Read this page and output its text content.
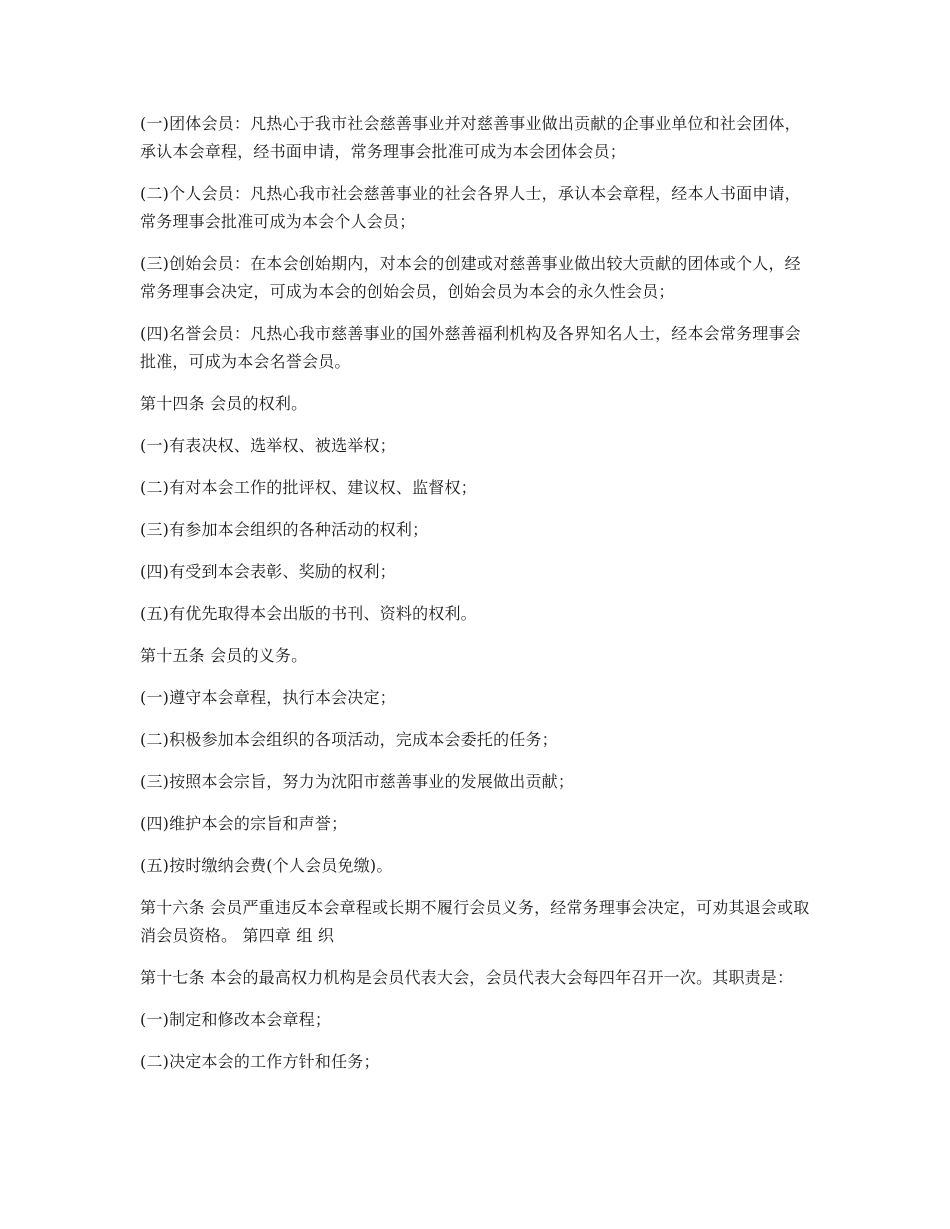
(一)团体会员：凡热心于我市社会慈善事业并对慈善事业做出贡献的企事业单位和社会团体，承认本会章程，经书面申请，常务理事会批准可成为本会团体会员；

(二)个人会员：凡热心我市社会慈善事业的社会各界人士，承认本会章程，经本人书面申请，常务理事会批准可成为本会个人会员；

(三)创始会员：在本会创始期内，对本会的创建或对慈善事业做出较大贡献的团体或个人，经常务理事会决定，可成为本会的创始会员，创始会员为本会的永久性会员；

(四)名誉会员：凡热心我市慈善事业的国外慈善福利机构及各界知名人士，经本会常务理事会批准，可成为本会名誉会员。

第十四条 会员的权利。

(一)有表决权、选举权、被选举权；

(二)有对本会工作的批评权、建议权、监督权；

(三)有参加本会组织的各种活动的权利；

(四)有受到本会表彰、奖励的权利；

(五)有优先取得本会出版的书刊、资料的权利。

第十五条 会员的义务。

(一)遵守本会章程，执行本会决定；

(二)积极参加本会组织的各项活动，完成本会委托的任务；

(三)按照本会宗旨，努力为沈阳市慈善事业的发展做出贡献；

(四)维护本会的宗旨和声誉；

(五)按时缴纳会费(个人会员免缴)。

第十六条 会员严重违反本会章程或长期不履行会员义务，经常务理事会决定，可劝其退会或取消会员资格。 第四章 组 织

第十七条 本会的最高权力机构是会员代表大会，会员代表大会每四年召开一次。其职责是：

(一)制定和修改本会章程；

(二)决定本会的工作方针和任务；
